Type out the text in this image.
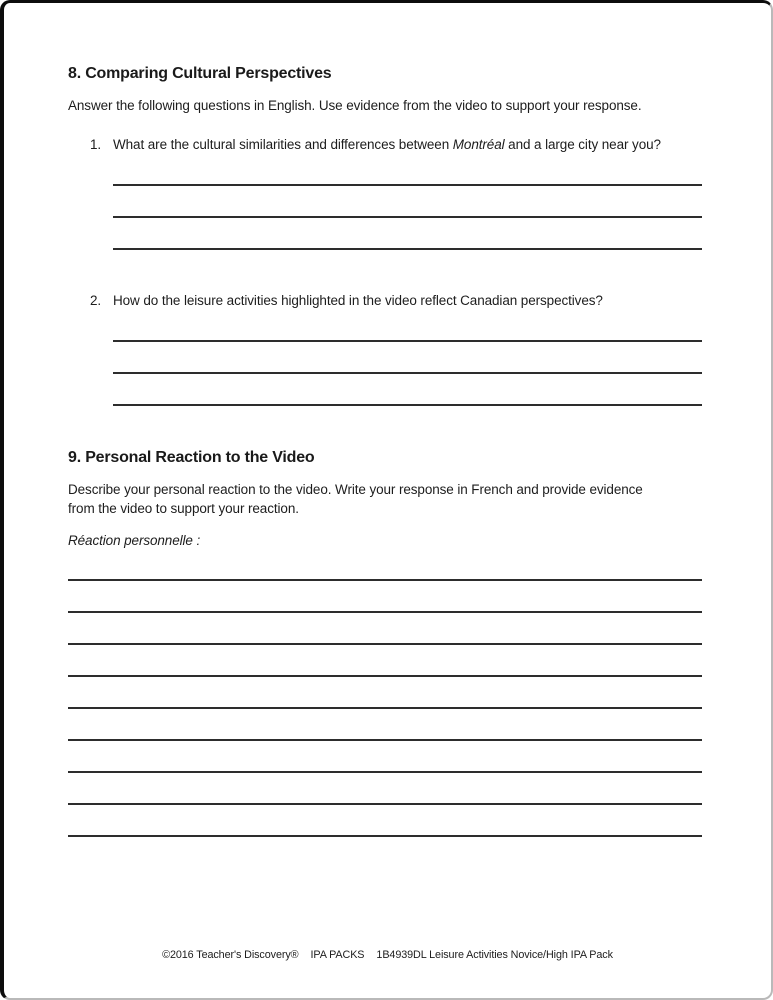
8. Comparing Cultural Perspectives

Answer the following questions in English. Use evidence from the video to support your response.

1. What are the cultural similarities and differences between Montréal and a large city near you?
2. How do the leisure activities highlighted in the video reflect Canadian perspectives?
9. Personal Reaction to the Video

Describe your personal reaction to the video. Write your response in French and provide evidence
from the video to support your reaction.

Réaction personnelle :

©2016 Teacher's Discovery® IPA PACKS 1B4939DL Leisure Activities Novice/High IPA Pack
